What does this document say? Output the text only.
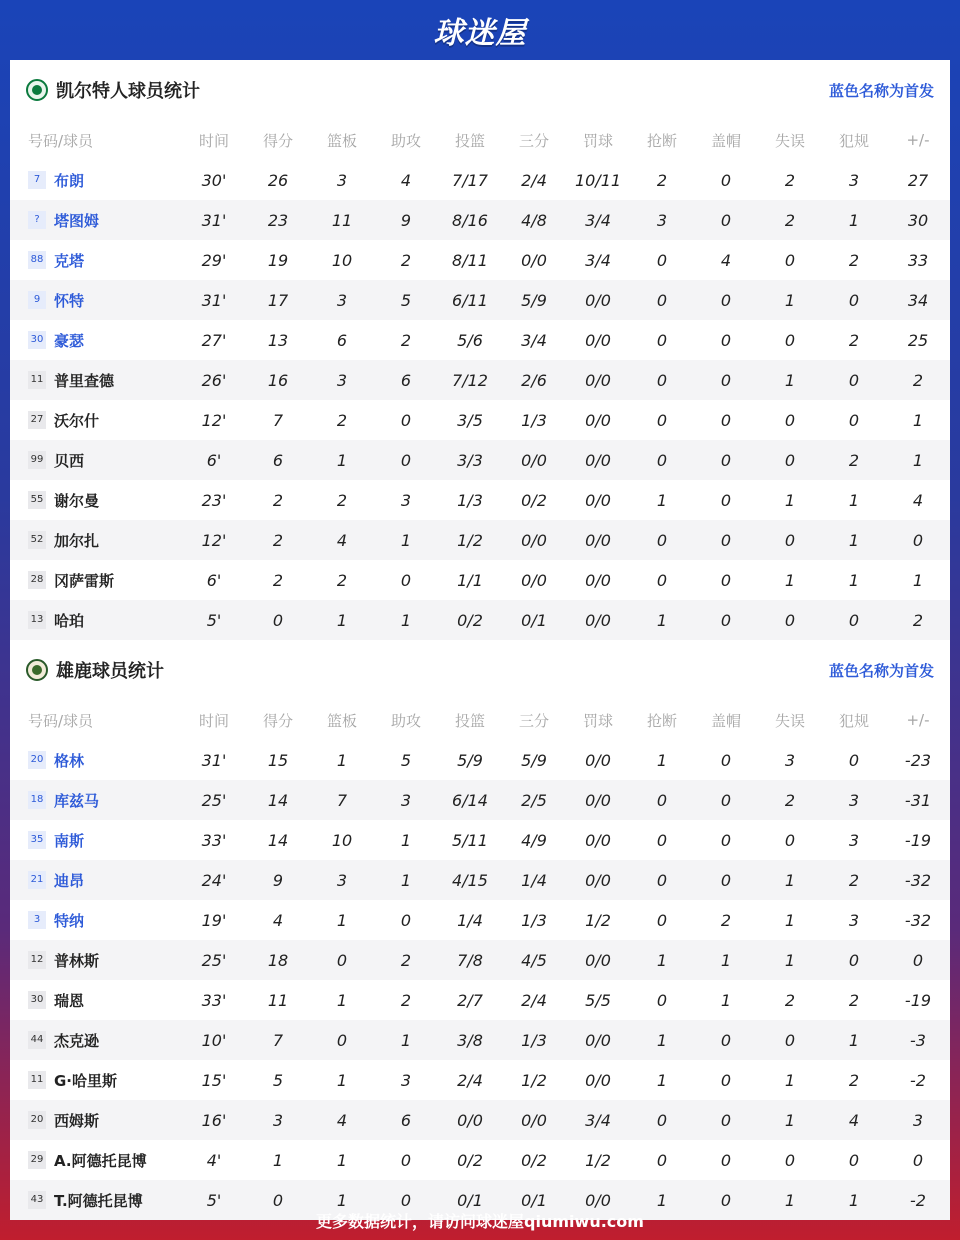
球迷屋
凯尔特人球员统计	蓝色名称为首发
号码/球员	时间	得分	篮板	助攻	投篮	三分	罚球	抢断	盖帽	失误	犯规	+/-
7 布朗	30'	26	3	4	7/17	2/4	10/11	2	0	2	3	27
? 塔图姆	31'	23	11	9	8/16	4/8	3/4	3	0	2	1	30
88 克塔	29'	19	10	2	8/11	0/0	3/4	0	4	0	2	33
9 怀特	31'	17	3	5	6/11	5/9	0/0	0	0	1	0	34
30 豪瑟	27'	13	6	2	5/6	3/4	0/0	0	0	0	2	25
11 普里查德	26'	16	3	6	7/12	2/6	0/0	0	0	1	0	2
27 沃尔什	12'	7	2	0	3/5	1/3	0/0	0	0	0	0	1
99 贝西	6'	6	1	0	3/3	0/0	0/0	0	0	0	2	1
55 谢尔曼	23'	2	2	3	1/3	0/2	0/0	1	0	1	1	4
52 加尔扎	12'	2	4	1	1/2	0/0	0/0	0	0	0	1	0
28 冈萨雷斯	6'	2	2	0	1/1	0/0	0/0	0	0	1	1	1
13 哈珀	5'	0	1	1	0/2	0/1	0/0	1	0	0	0	2
雄鹿球员统计	蓝色名称为首发
号码/球员	时间	得分	篮板	助攻	投篮	三分	罚球	抢断	盖帽	失误	犯规	+/-
20 格林	31'	15	1	5	5/9	5/9	0/0	1	0	3	0	-23
18 库兹马	25'	14	7	3	6/14	2/5	0/0	0	0	2	3	-31
35 南斯	33'	14	10	1	5/11	4/9	0/0	0	0	0	3	-19
21 迪昂	24'	9	3	1	4/15	1/4	0/0	0	0	1	2	-32
3 特纳	19'	4	1	0	1/4	1/3	1/2	0	2	1	3	-32
12 普林斯	25'	18	0	2	7/8	4/5	0/0	1	1	1	0	0
30 瑞恩	33'	11	1	2	2/7	2/4	5/5	0	1	2	2	-19
44 杰克逊	10'	7	0	1	3/8	1/3	0/0	1	0	0	1	-3
11 G·哈里斯	15'	5	1	3	2/4	1/2	0/0	1	0	1	2	-2
20 西姆斯	16'	3	4	6	0/0	0/0	3/4	0	0	1	4	3
29 A.阿德托昆博	4'	1	1	0	0/2	0/2	1/2	0	0	0	0	0
43 T.阿德托昆博	5'	0	1	0	0/1	0/1	0/0	1	0	1	1	-2
更多数据统计，请访问球迷屋qiumiwu.com
